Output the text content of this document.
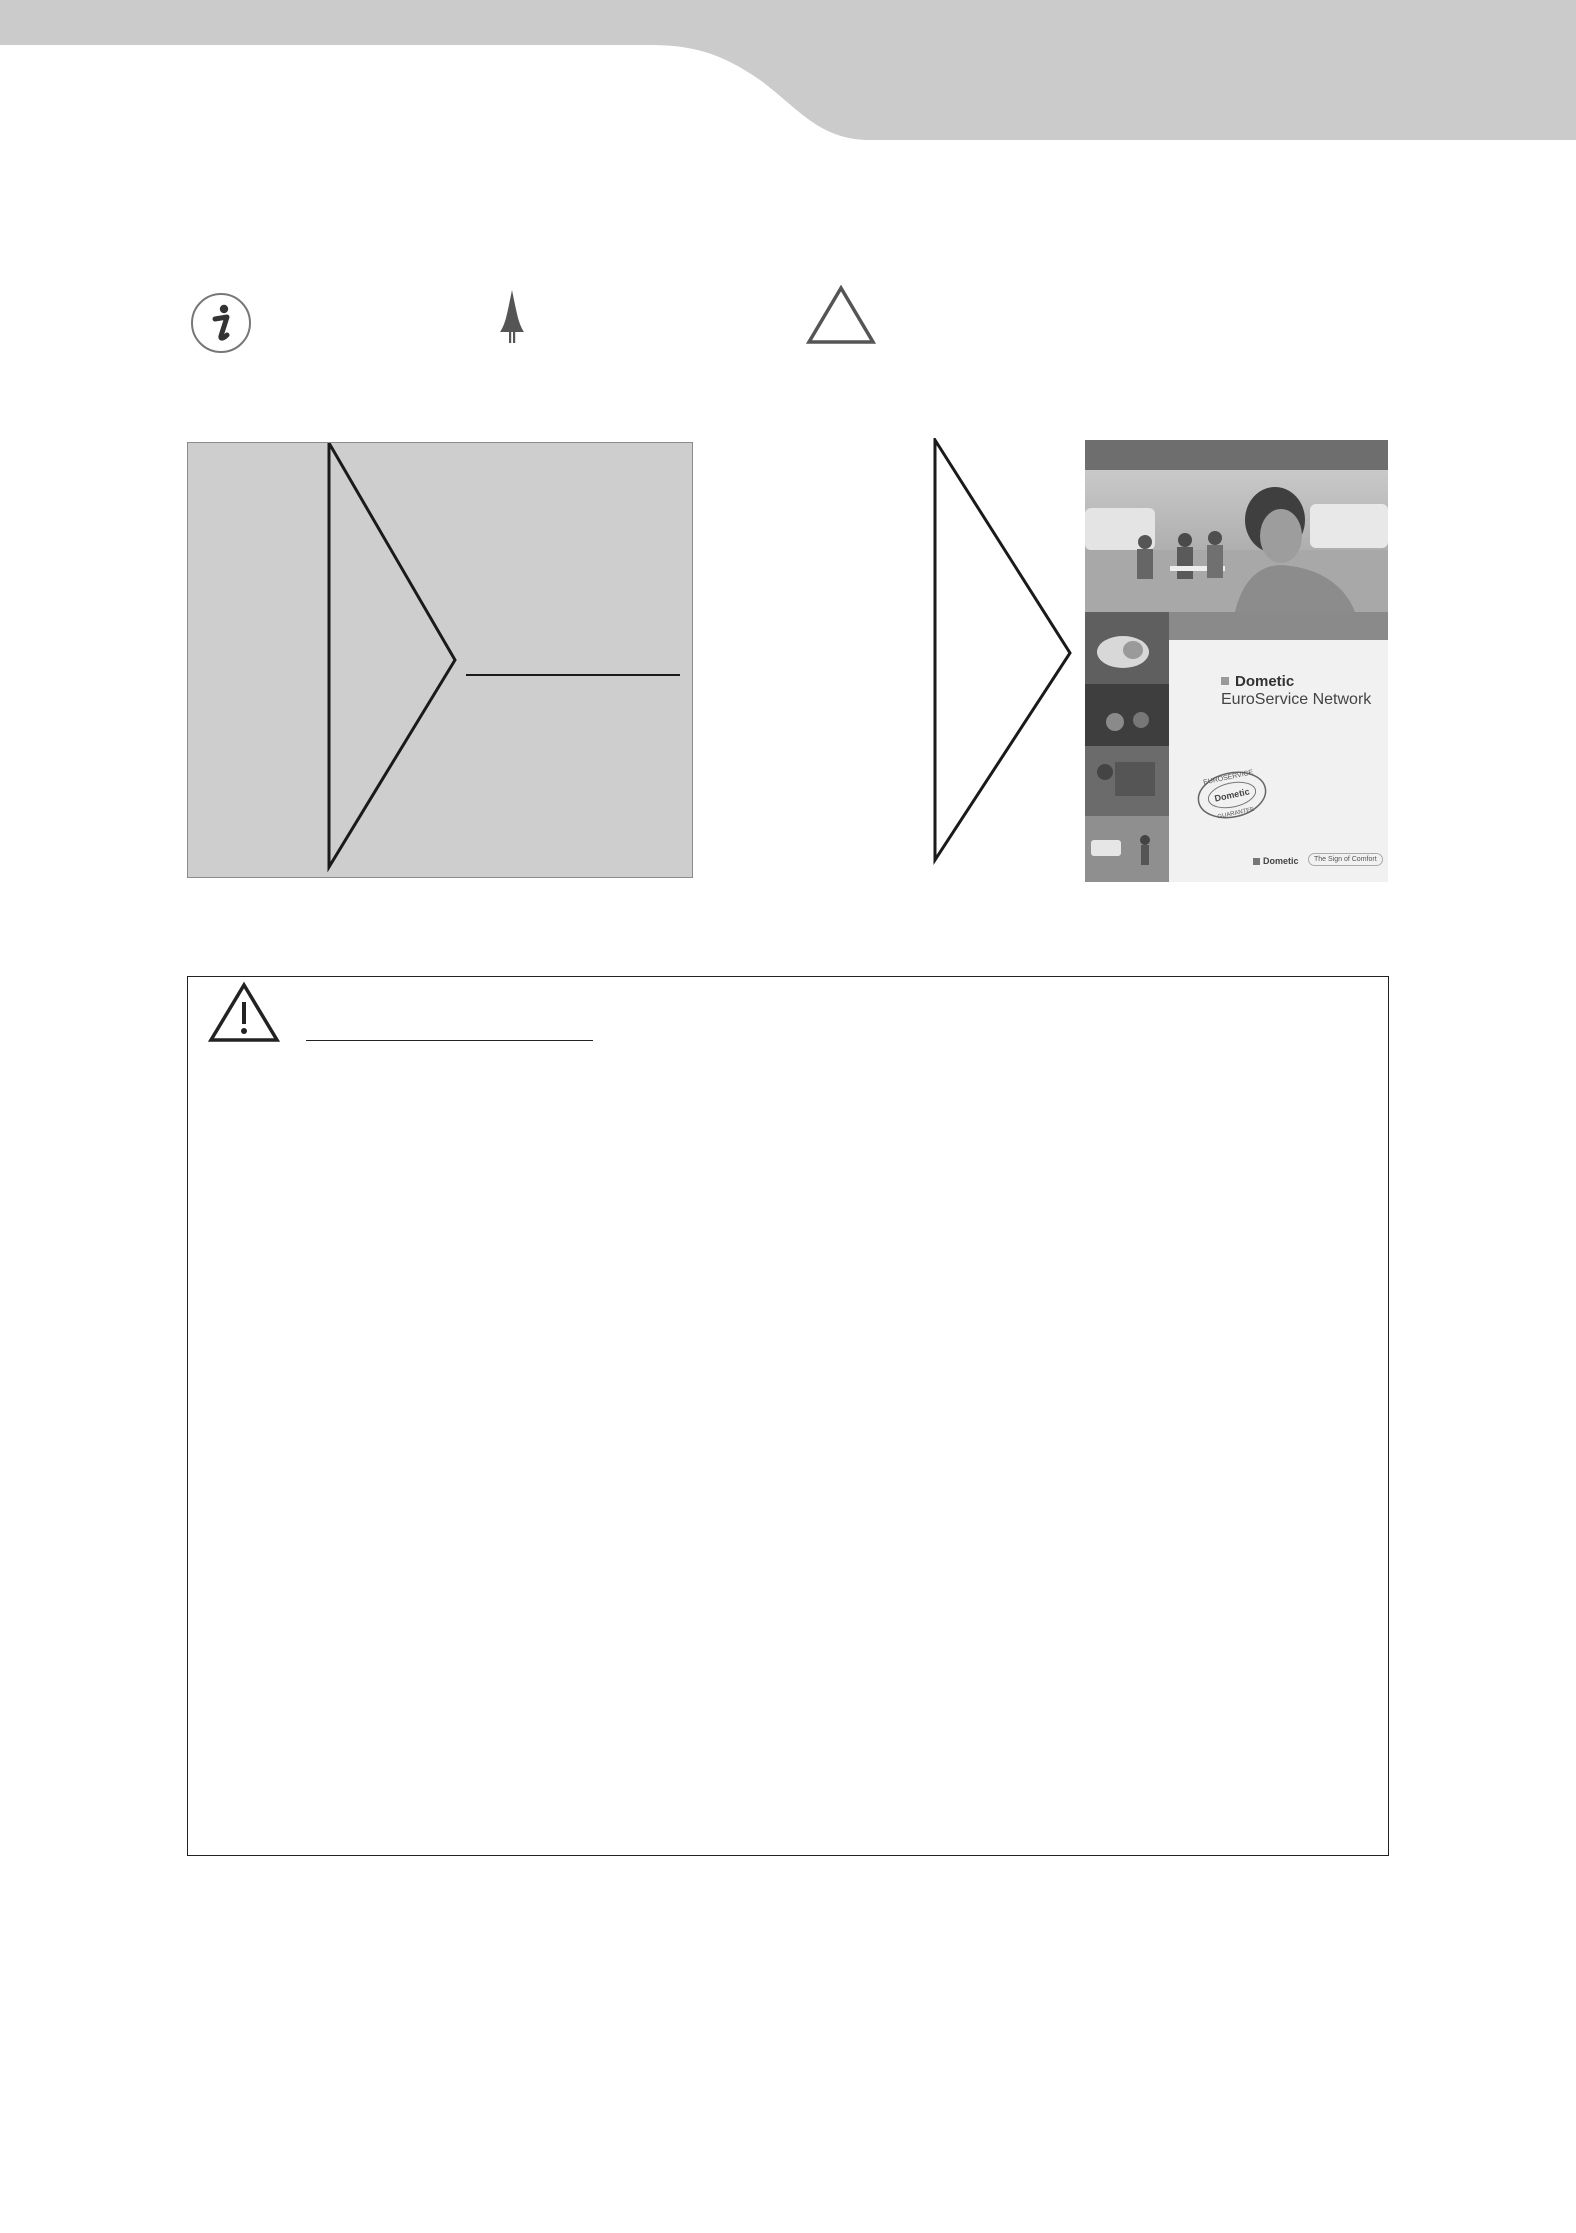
Dometic
EuroService Network
EUROSERVICE
Dometic
GUARANTEE
Dometic	The Sign of Comfort
